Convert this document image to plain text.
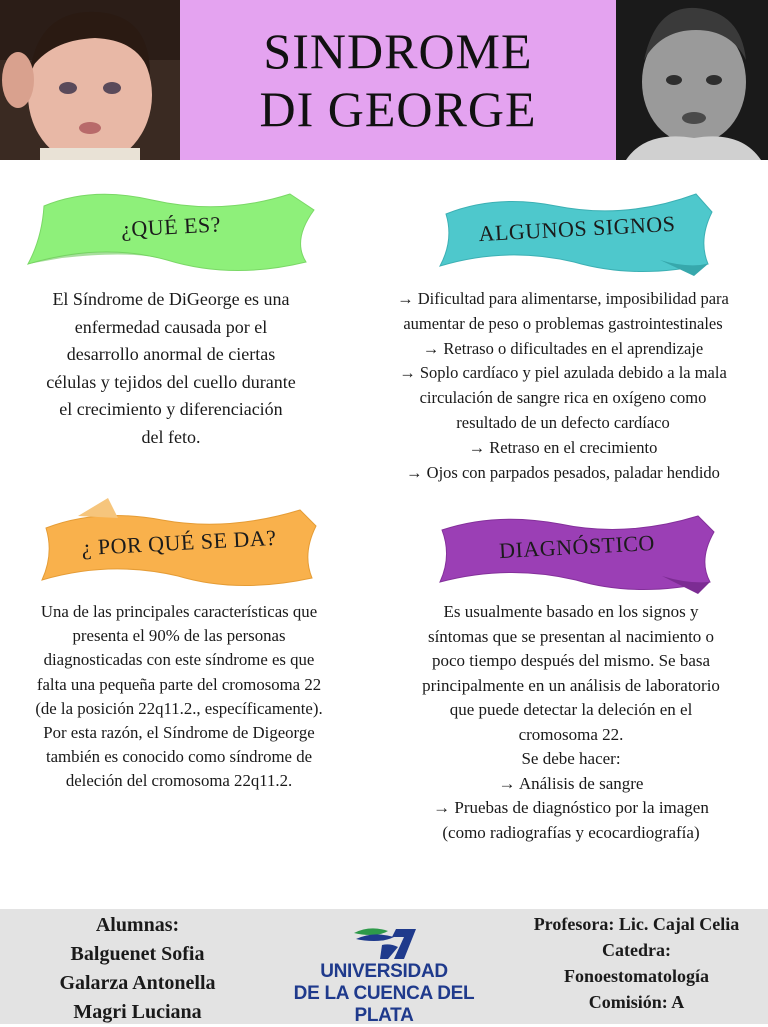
SINDROME
DI GEORGE
¿QUÉ ES?	ALGUNOS SIGNOS
El Síndrome de DiGeorge es una
enfermedad causada por el
desarrollo anormal de ciertas
células y tejidos del cuello durante
el crecimiento y diferenciación
del feto.
→ Dificultad para alimentarse, imposibilidad para
aumentar de peso o problemas gastrointestinales
→ Retraso o dificultades en el aprendizaje
→ Soplo cardíaco y piel azulada debido a la mala
circulación de sangre rica en oxígeno como
resultado de un defecto cardíaco
→ Retraso en el crecimiento
→ Ojos con parpados pesados, paladar hendido
¿ POR QUÉ SE DA?	DIAGNÓSTICO
Una de las principales características que
presenta el 90% de las personas
diagnosticadas con este síndrome es que
falta una pequeña parte del cromosoma 22
(de la posición 22q11.2., específicamente).
Por esta razón, el Síndrome de Digeorge
también es conocido como síndrome de
deleción del cromosoma 22q11.2.
Es usualmente basado en los signos y
síntomas que se presentan al nacimiento o
poco tiempo después del mismo. Se basa
principalmente en un análisis de laboratorio
que puede detectar la deleción en el
cromosoma 22.
Se debe hacer:
→ Análisis de sangre
→ Pruebas de diagnóstico por la imagen
(como radiografías y ecocardiografía)
Alumnas:
Balguenet Sofia
Galarza Antonella
Magri Luciana
UNIVERSIDAD
DE LA CUENCA DEL PLATA
Profesora: Lic. Cajal Celia
Catedra:
Fonoestomatología
Comisión: A
